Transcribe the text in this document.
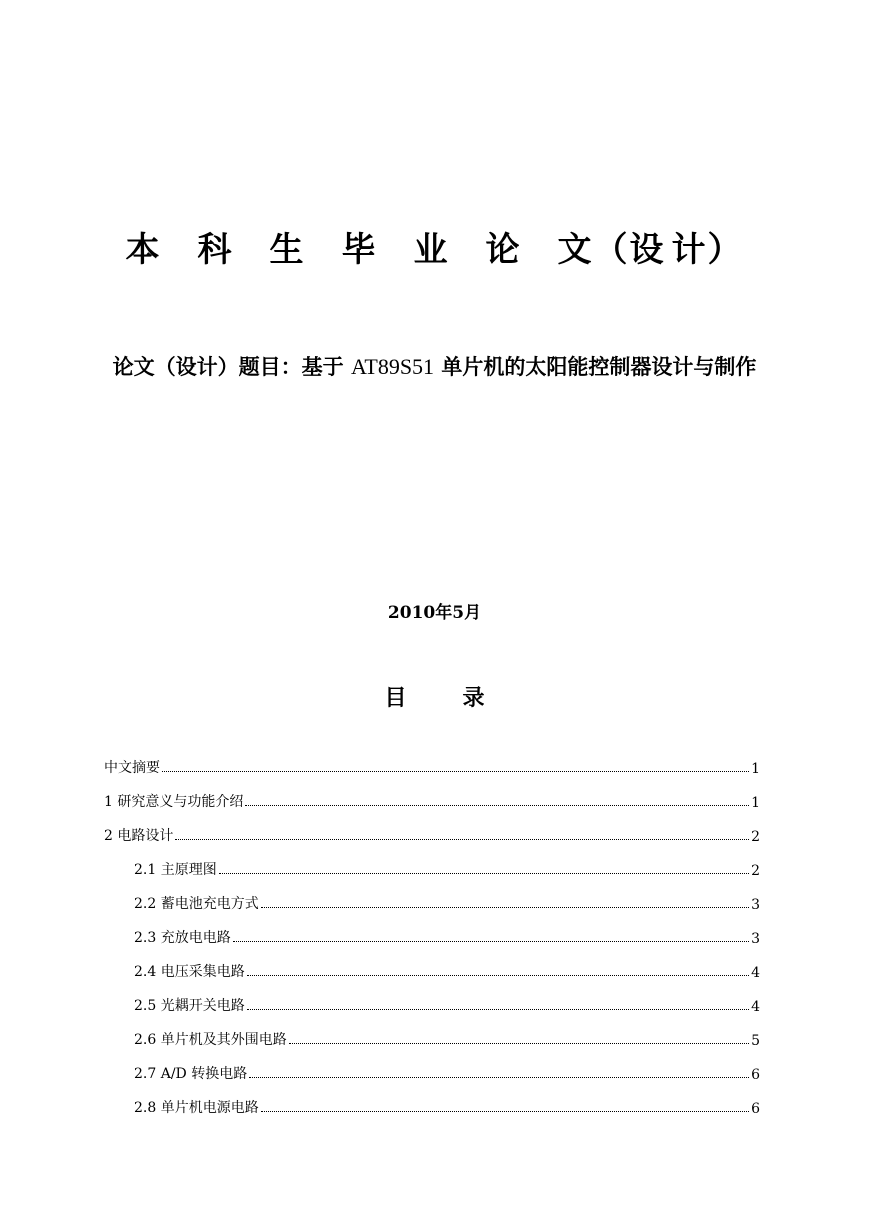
本 科 生 毕 业 论 文（设 计）
论文（设计）题目：基于 AT89S51 单片机的太阳能控制器设计与制作
2010年5月
目	录
中文摘要	1
1 研究意义与功能介绍	1
2 电路设计	2
2.1 主原理图	2
2.2 蓄电池充电方式	3
2.3 充放电电路	3
2.4 电压采集电路	4
2.5 光耦开关电路	4
2.6 单片机及其外围电路	5
2.7 A/D 转换电路	6
2.8 单片机电源电路	6
